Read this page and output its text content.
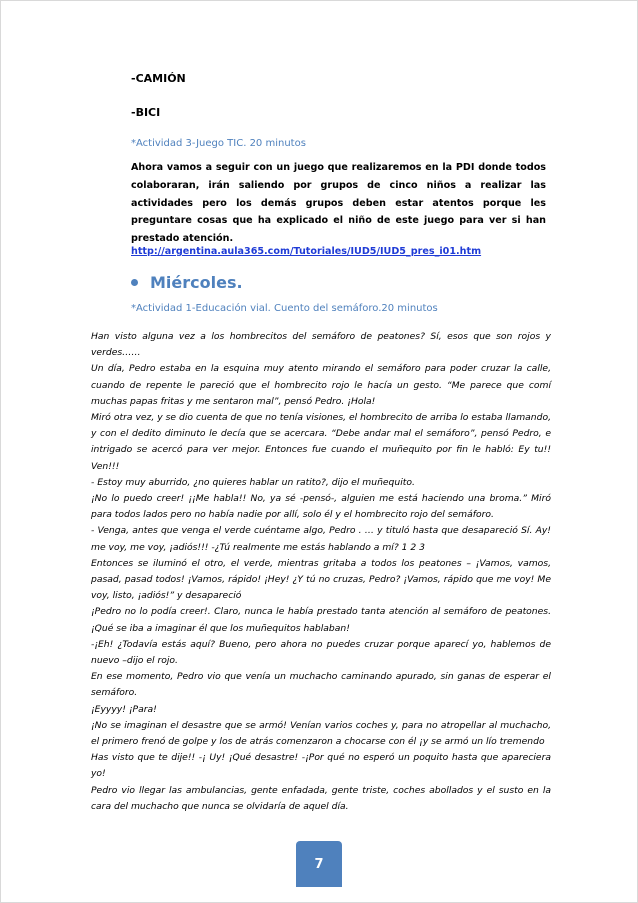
-CAMIÓN
-BICI
*Actividad 3-Juego TIC. 20 minutos
Ahora vamos a seguir con un juego que realizaremos en la PDI donde todos colaboraran, irán saliendo por grupos de cinco niños a realizar las actividades pero los demás grupos deben estar atentos porque les preguntare cosas que ha explicado el niño de este juego para ver si han prestado atención.
http://argentina.aula365.com/Tutoriales/IUD5/IUD5_pres_i01.htm
Miércoles.
*Actividad 1-Educación vial. Cuento del semáforo.20 minutos

Han visto alguna vez a los hombrecitos del semáforo de peatones? Sí, esos que son rojos y verdes……

Un día, Pedro estaba en la esquina muy atento mirando el semáforo para poder cruzar la calle, cuando de repente le pareció que el hombrecito rojo le hacía un gesto. “Me parece que comí muchas papas fritas y me sentaron mal”, pensó Pedro. ¡Hola!

Miró otra vez, y se dio cuenta de que no tenía visiones, el hombrecito de arriba lo estaba llamando, y con el dedito diminuto le decía que se acercara. “Debe andar mal el semáforo”, pensó Pedro, e intrigado se acercó para ver mejor. Entonces fue cuando el muñequito por fin le habló: Ey tu!! Ven!!!

- Estoy muy aburrido, ¿no quieres hablar un ratito?, dijo el muñequito.

¡No lo puedo creer! ¡¡Me habla!! No, ya sé -pensó-, alguien me está haciendo una broma.” Miró para todos lados pero no había nadie por allí, solo él y el hombrecito rojo del semáforo.

- Venga, antes que venga el verde cuéntame algo, Pedro . … y tituló hasta que desapareció Sí. Ay! me voy, me voy, ¡adiós!!! -¿Tú realmente me estás hablando a mí? 1 2 3

Entonces se iluminó el otro, el verde, mientras gritaba a todos los peatones – ¡Vamos, vamos, pasad, pasad todos! ¡Vamos, rápido! ¡Hey! ¿Y tú no cruzas, Pedro? ¡Vamos, rápido que me voy! Me voy, listo, ¡adiós!” y desapareció

¡Pedro no lo podía creer!. Claro, nunca le había prestado tanta atención al semáforo de peatones. ¡Qué se iba a imaginar él que los muñequitos hablaban!

-¡Eh! ¿Todavía estás aquí? Bueno, pero ahora no puedes cruzar porque aparecí yo, hablemos de nuevo –dijo el rojo.

En ese momento, Pedro vio que venía un muchacho caminando apurado, sin ganas de esperar el semáforo.

¡Eyyyy! ¡Para!

¡No se imaginan el desastre que se armó! Venían varios coches y, para no atropellar al muchacho, el primero frenó de golpe y los de atrás comenzaron a chocarse con él ¡y se armó un lío tremendo

Has visto que te dije!! -¡ Uy! ¡Qué desastre! -¡Por qué no esperó un poquito hasta que apareciera yo!

Pedro vio llegar las ambulancias, gente enfadada, gente triste, coches abollados y el susto en la cara del muchacho que nunca se olvidaría de aquel día.

7
